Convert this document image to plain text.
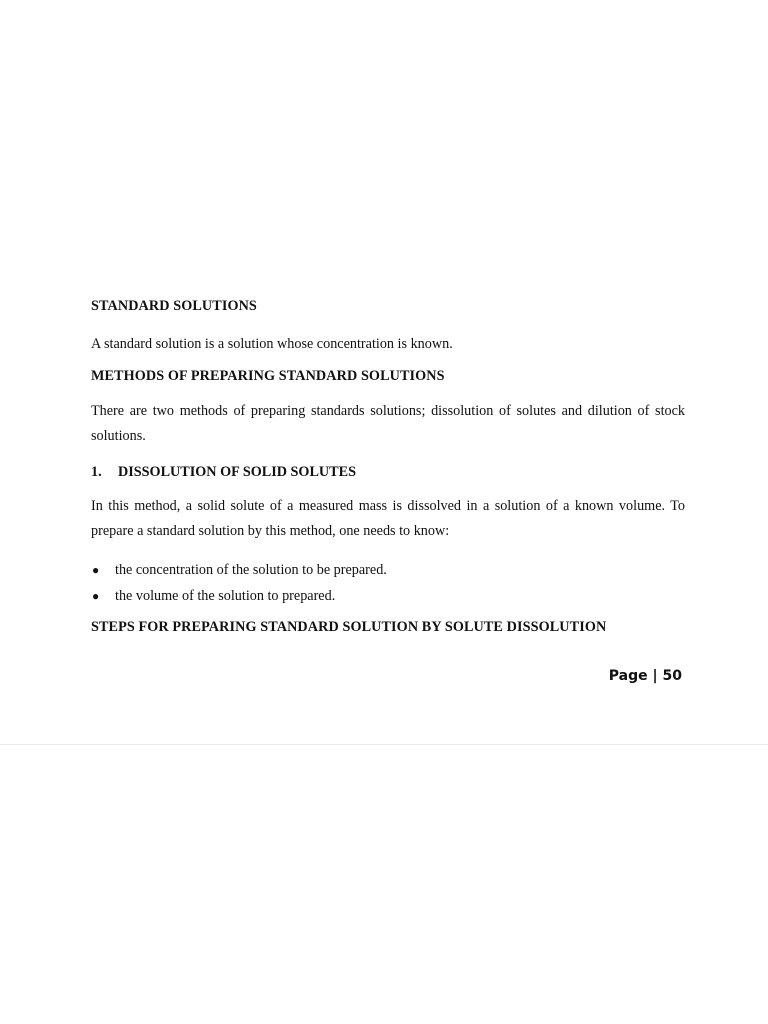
STANDARD SOLUTIONS

A standard solution is a solution whose concentration is known.

METHODS OF PREPARING STANDARD SOLUTIONS

There are two methods of preparing standards solutions; dissolution of solutes and dilution of stock solutions.

1.	DISSOLUTION OF SOLID SOLUTES

In this method, a solid solute of a measured mass is dissolved in a solution of a known volume. To prepare a standard solution by this method, one needs to know:

●	the concentration of the solution to be prepared.
●	the volume of the solution to prepared.

STEPS FOR PREPARING STANDARD SOLUTION BY SOLUTE DISSOLUTION

Page | 50
